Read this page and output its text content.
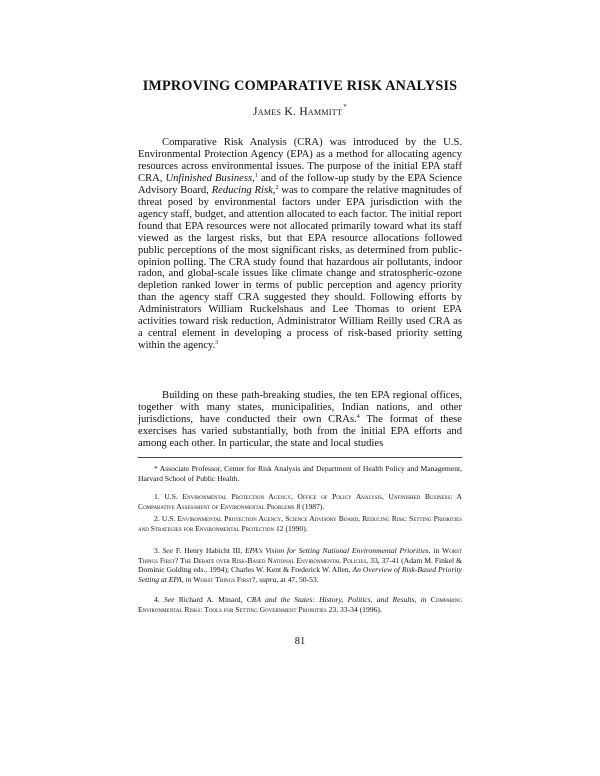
IMPROVING COMPARATIVE RISK ANALYSIS
James K. Hammitt*

Comparative Risk Analysis (CRA) was introduced by the U.S. Environmental Protection Agency (EPA) as a method for allocating agency resources across environmental issues. The purpose of the initial EPA staff CRA, Unfinished Business,$^1$ and of the follow-up study by the EPA Science Advisory Board, Reducing Risk,$^2$ was to compare the relative magnitudes of threat posed by environmental factors under EPA jurisdiction with the agency staff, budget, and attention allocated to each factor. The initial report found that EPA resources were not allocated primarily toward what its staff viewed as the largest risks, but that EPA resource allocations followed public perceptions of the most significant risks, as determined from public-opinion polling. The CRA study found that hazardous air pollutants, indoor radon, and global-scale issues like climate change and stratospheric-ozone depletion ranked lower in terms of public perception and agency priority than the agency staff CRA suggested they should. Following efforts by Administrators William Ruckelshaus and Lee Thomas to orient EPA activities toward risk reduction, Administrator William Reilly used CRA as a central element in developing a process of risk-based priority setting within the agency.$^3$

Building on these path-breaking studies, the ten EPA regional offices, together with many states, municipalities, Indian nations, and other jurisdictions, have conducted their own CRAs.$^4$ The format of these exercises has varied substantially, both from the initial EPA efforts and among each other. In particular, the state and local studies

* Associate Professor, Center for Risk Analysis and Department of Health Policy and Management, Harvard School of Public Health.

1. U.S. Environmental Protection Agency, Office of Policy Analysis, Unfinished Business: A Comparative Assessment of Environmental Problems 8 (1987).

2. U.S. Environmental Protection Agency, Science Advisory Board, Reducing Risk: Setting Priorities and Strategies for Environmental Protection 12 (1990).

3. See F. Henry Habicht III, EPA's Vision for Setting National Environmental Priorities, in Worst Things First? The Debate over Risk-Based National Environmental Policies, 33, 37-41 (Adam M. Finkel & Dominic Golding eds., 1994); Charles W. Kent & Frederick W. Allen, An Overview of Risk-Based Priority Setting at EPA, in Worst Things First?, supra, at 47, 50-53.

4. See Richard A. Minard, CRA and the States: History, Politics, and Results, in Comparing Environmental Risks: Tools for Setting Government Priorities 23, 33-34 (1996).

81
